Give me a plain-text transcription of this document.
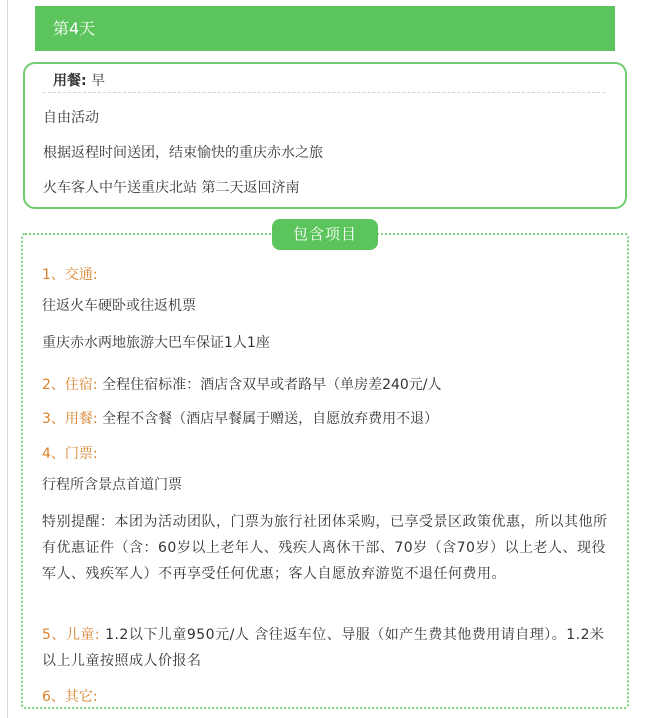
第4天
用餐: 早
自由活动
根据返程时间送团，结束愉快的重庆赤水之旅
火车客人中午送重庆北站 第二天返回济南
包含项目
1、交通:
往返火车硬卧或往返机票
重庆赤水两地旅游大巴车保证1人1座
2、住宿: 全程住宿标准：酒店含双早或者路早（单房差240元/人
3、用餐: 全程不含餐（酒店早餐属于赠送，自愿放弃费用不退）
4、门票:
行程所含景点首道门票
特别提醒：本团为活动团队，门票为旅行社团体采购，已享受景区政策优惠，所以其他所有优惠证件（含：60岁以上老年人、残疾人离休干部、70岁（含70岁）以上老人、现役军人、残疾军人）不再享受任何优惠；客人自愿放弃游览不退任何费用。
5、儿童: 1.2以下儿童950元/人 含往返车位、导服（如产生费其他费用请自理）。1.2米以上儿童按照成人价报名
6、其它:
